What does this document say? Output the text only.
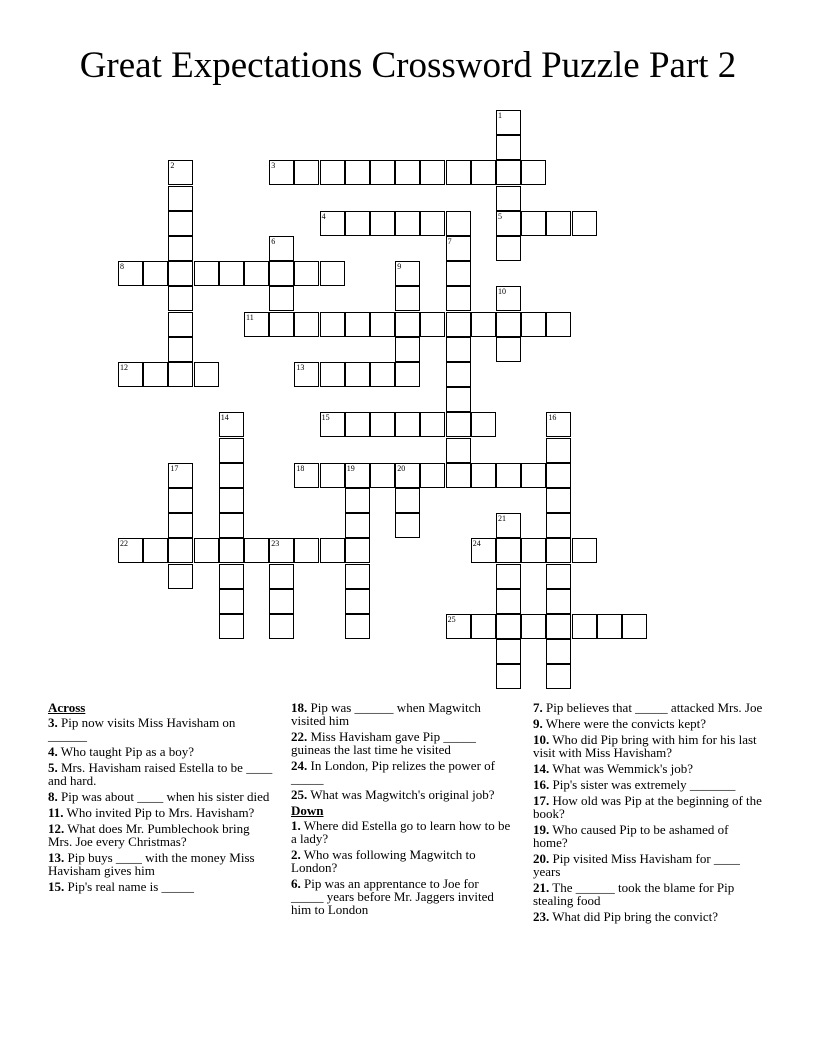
Great Expectations Crossword Puzzle Part 2
1
5
2	3
4
6	7
8	9
10
11
12	13
14	15	16
17	18	19	20
21
22	23	24
25
Across
3. Pip now visits Miss Havisham on ______
4. Who taught Pip as a boy?
5. Mrs. Havisham raised Estella to be ____ and hard.
8. Pip was about ____ when his sister died
11. Who invited Pip to Mrs. Havisham?
12. What does Mr. Pumblechook bring Mrs. Joe every Christmas?
13. Pip buys ____ with the money Miss Havisham gives him
15. Pip's real name is _____
18. Pip was ______ when Magwitch visited him
22. Miss Havisham gave Pip _____ guineas the last time he visited
24. In London, Pip relizes the power of _____
25. What was Magwitch's original job?
Down
1. Where did Estella go to learn how to be a lady?
2. Who was following Magwitch to London?
6. Pip was an apprentance to Joe for _____ years before Mr. Jaggers invited him to London
7. Pip believes that _____ attacked Mrs. Joe
9. Where were the convicts kept?
10. Who did Pip bring with him for his last visit with Miss Havisham?
14. What was Wemmick's job?
16. Pip's sister was extremely _______
17. How old was Pip at the beginning of the book?
19. Who caused Pip to be ashamed of home?
20. Pip visited Miss Havisham for ____ years
21. The ______ took the blame for Pip stealing food
23. What did Pip bring the convict?
